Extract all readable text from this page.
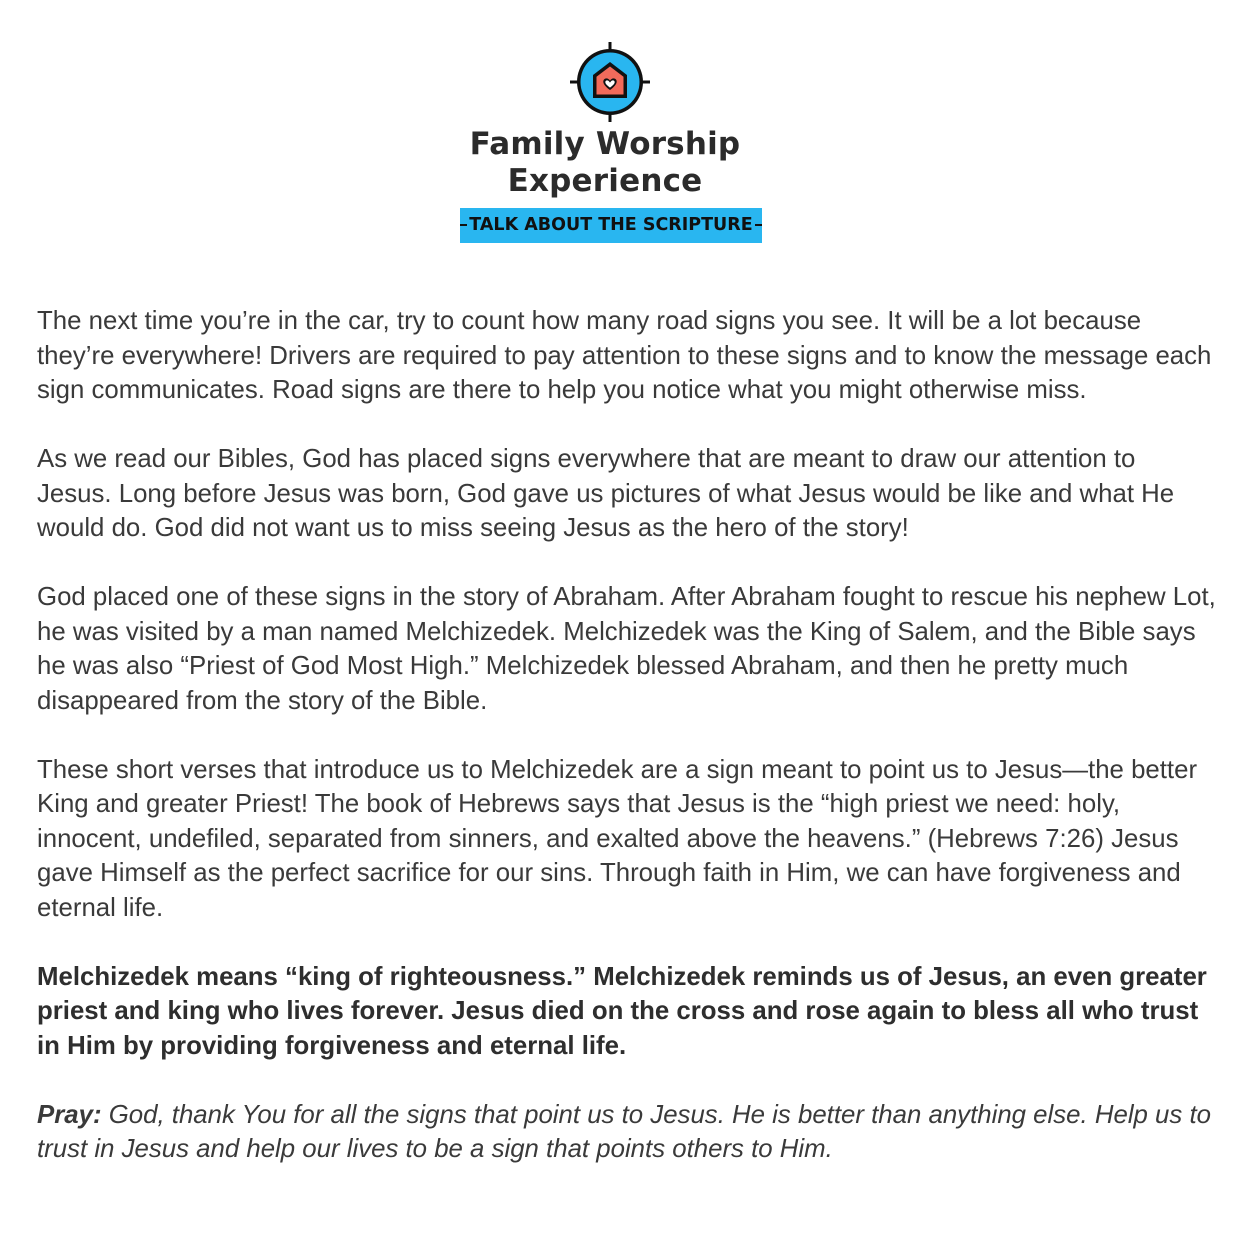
Family Worship
Experience
TALK ABOUT THE SCRIPTURE

The next time you’re in the car, try to count how many road signs you see. It will be a lot because they’re everywhere! Drivers are required to pay attention to these signs and to know the message each sign communicates. Road signs are there to help you notice what you might otherwise miss.

As we read our Bibles, God has placed signs everywhere that are meant to draw our attention to Jesus. Long before Jesus was born, God gave us pictures of what Jesus would be like and what He would do. God did not want us to miss seeing Jesus as the hero of the story!

God placed one of these signs in the story of Abraham. After Abraham fought to rescue his nephew Lot, he was visited by a man named Melchizedek. Melchizedek was the King of Salem, and the Bible says he was also “Priest of God Most High.” Melchizedek blessed Abraham, and then he pretty much disappeared from the story of the Bible.

These short verses that introduce us to Melchizedek are a sign meant to point us to Jesus—the better King and greater Priest! The book of Hebrews says that Jesus is the “high priest we need: holy, innocent, undefiled, separated from sinners, and exalted above the heavens.” (Hebrews 7:26) Jesus gave Himself as the perfect sacrifice for our sins. Through faith in Him, we can have forgiveness and eternal life.

Melchizedek means “king of righteousness.” Melchizedek reminds us of Jesus, an even greater priest and king who lives forever. Jesus died on the cross and rose again to bless all who trust in Him by providing forgiveness and eternal life.

Pray: God, thank You for all the signs that point us to Jesus. He is better than anything else. Help us to trust in Jesus and help our lives to be a sign that points others to Him.
